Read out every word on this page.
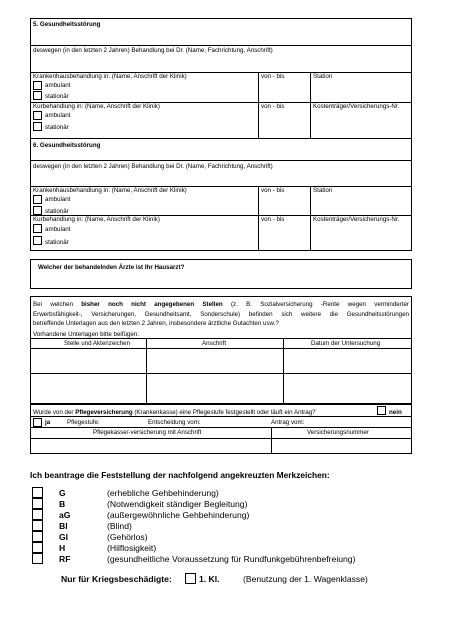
5. Gesundheitsstörung
deswegen (in den letzten 2 Jahren) Behandlung bei Dr. (Name, Fachrichtung, Anschrift)
Krankenhausbehandlung in: (Name, Anschrift der Klinik)	von - bis	Station
ambulant
stationär
Kurbehandlung in: (Name, Anschrift der Klinik)	von - bis	Kostenträger/Versicherungs-Nr.
ambulant
stationär
6. Gesundheitsstörung
deswegen (in den letzten 2 Jahren) Behandlung bei Dr. (Name, Fachrichtung, Anschrift)
Krankenhausbehandlung in: (Name, Anschrift der Klinik)	von - bis	Station
ambulant
stationär
Kurbehandlung in: (Name, Anschrift der Klinik)	von - bis	Kostenträger/Versicherungs-Nr.
ambulant
stationär
Welcher der behandelnden Ärzte ist Ihr Hausarzt?
Bei welchen bisher noch nicht angegebenen Stellen (z. B. Sozialversicherung -Rente wegen verminderter
Erwerbsfähigkeit-, Versicherungen, Gesundheitsamt, Sonderschule) befinden sich weitere die Gesundheitsstörungen
betreffende Unterlagen aus den letzten 2 Jahren, insbesondere ärztliche Gutachten usw.?
Vorhandene Unterlagen bitte beifügen:
Stelle und Aktenzeichen	Anschrift	Datum der Untersuchung
Wurde von der Pflegeversicherung (Krankenkasse) eine Pflegestufe festgestellt oder läuft ein Antrag?	nein
ja	Pflegestufe:	Entscheidung vom:	Antrag vom:
Pflegekasse/-versicherung mit Anschrift	Versicherungsnummer
Ich beantrage die Feststellung der nachfolgend angekreuzten Merkzeichen:
G	(erhebliche Gehbehinderung)
B	(Notwendigkeit ständiger Begleitung)
aG	(außergewöhnliche Gehbehinderung)
Bl	(Blind)
Gl	(Gehörlos)
H	(Hilflosigkeit)
RF	(gesundheitliche Voraussetzung für Rundfunkgebührenbefreiung)
Nur für Kriegsbeschädigte:	1. Kl.	(Benutzung der 1. Wagenklasse)
